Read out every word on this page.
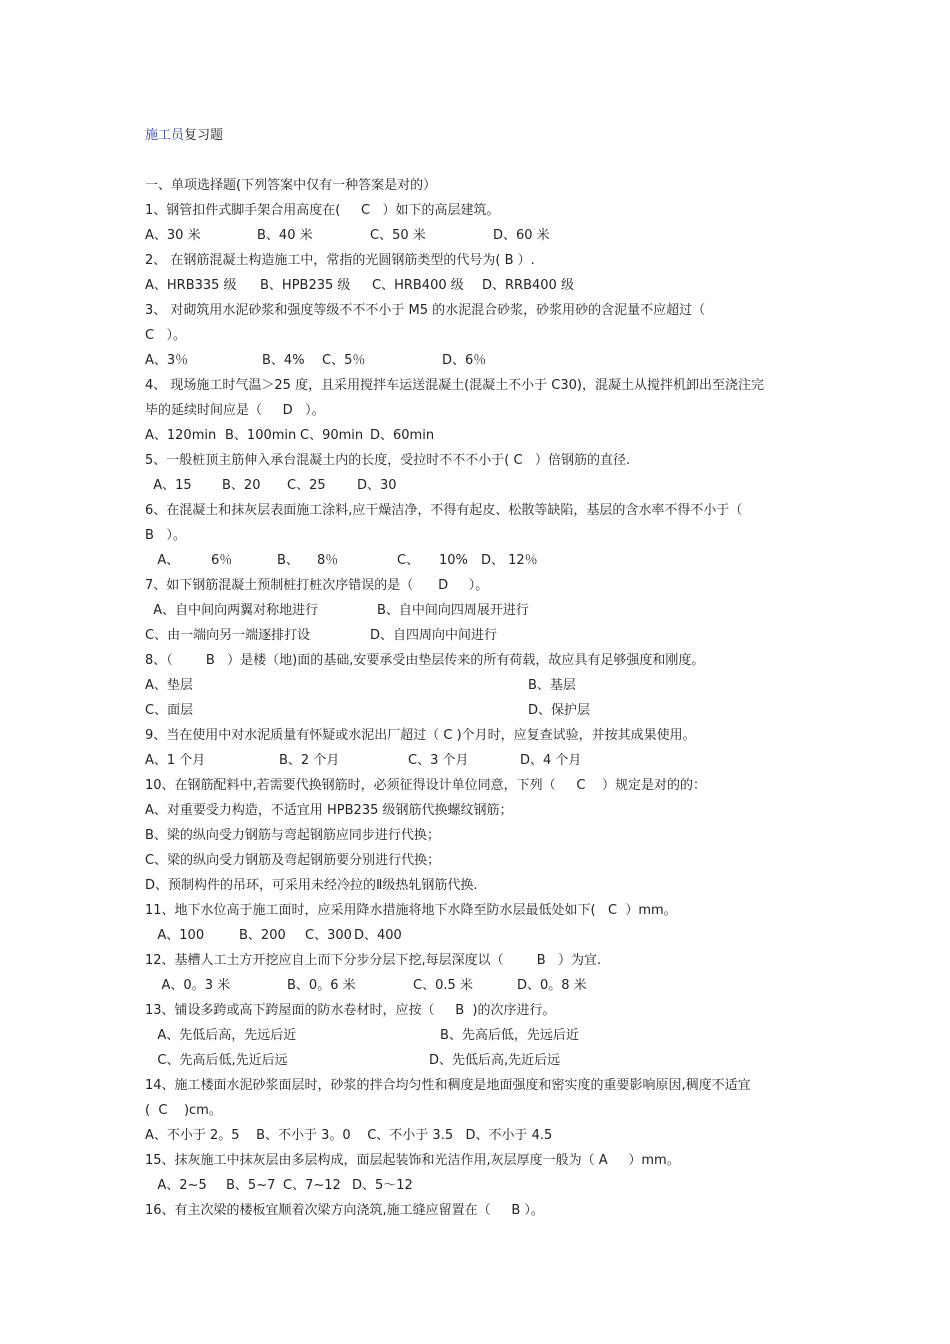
施工员复习题
一、单项选择题(下列答案中仅有一种答案是对的）
1、钢管扣件式脚手架合用高度在(     C   ）如下的高层建筑。
A、30 米	B、40 米	C、50 米	D、60 米
2、 在钢筋混凝土构造施工中，常指的光圆钢筋类型的代号为( B ）.
A、HRB335 级 B、HPB235 级 C、HRB400 级 D、RRB400 级
3、 对砌筑用水泥砂浆和强度等级不不不小于 M5 的水泥混合砂浆，砂浆用砂的含泥量不应超过（
C   ）。
A、3％	B、4% C、5％	D、6％
4、 现场施工时气温＞25 度，且采用搅拌车运送混凝土(混凝土不小于 C30)，混凝土从搅拌机卸出至浇注完
毕的延续时间应是（     D   ）。
A、120min B、100min C、90min D、60min
5、一般桩顶主筋伸入承台混凝土内的长度，受拉时不不不小于( C   ）倍钢筋的直径.
A、15 B、20 C、25 D、30
6、在混凝土和抹灰层表面施工涂料,应干燥洁净，不得有起皮、松散等缺陷，基层的含水率不得不小于（
B   ）。
A、 6％	B、 8％	C、 10% D、 12％
7、如下钢筋混凝土预制桩打桩次序错误的是（      D     ）。
A、自中间向两翼对称地进行	B、自中间向四周展开进行
C、由一端向另一端逐排打设	D、自四周向中间进行
8、（        B   ）是楼（地)面的基础,安要承受由垫层传来的所有荷载，故应具有足够强度和刚度。
A、垫层	B、基层
C、面层	D、保护层
9、当在使用中对水泥质量有怀疑或水泥出厂超过（ C )个月时，应复查试验，并按其成果使用。
A、1 个月	B、2 个月	C、3 个月	D、4 个月
10、在钢筋配料中,若需要代换钢筋时，必须征得设计单位同意，下列（     C    ）规定是对的的：
A、对重要受力构造，不适宜用 HPB235 级钢筋代换螺纹钢筋；
B、梁的纵向受力钢筋与弯起钢筋应同步进行代换；
C、梁的纵向受力钢筋及弯起钢筋要分别进行代换；
D、预制构件的吊环，可采用未经冷拉的Ⅱ级热轧钢筋代换.
11、地下水位高于施工面时，应采用降水措施将地下水降至防水层最低处如下(   C  ）mm。
A、100	B、200 C、300 D、400
12、基槽人工土方开挖应自上而下分步分层下挖,每层深度以（        B   ）为宜.
A、0。3 米	B、0。6 米	C、0.5 米	D、0。8 米
13、铺设多跨或高下跨屋面的防水卷材时，应按（     B  )的次序进行。
A、先低后高，先远后近	B、先高后低，先远后近
C、先高后低,先近后远	D、先低后高,先近后远
14、施工楼面水泥砂浆面层时，砂浆的拌合均匀性和稠度是地面强度和密实度的重要影响原因,稠度不适宜
(  C    )cm。
A、不小于 2。5    B、不小于 3。0    C、不小于 3.5   D、不小于 4.5
15、抹灰施工中抹灰层由多层构成，面层起装饰和光洁作用,灰层厚度一般为（ A     ）mm。
A、2~5 B、5~7 C、7~12 D、5～12
16、有主次梁的楼板宜顺着次梁方向浇筑,施工缝应留置在（     B ）。
